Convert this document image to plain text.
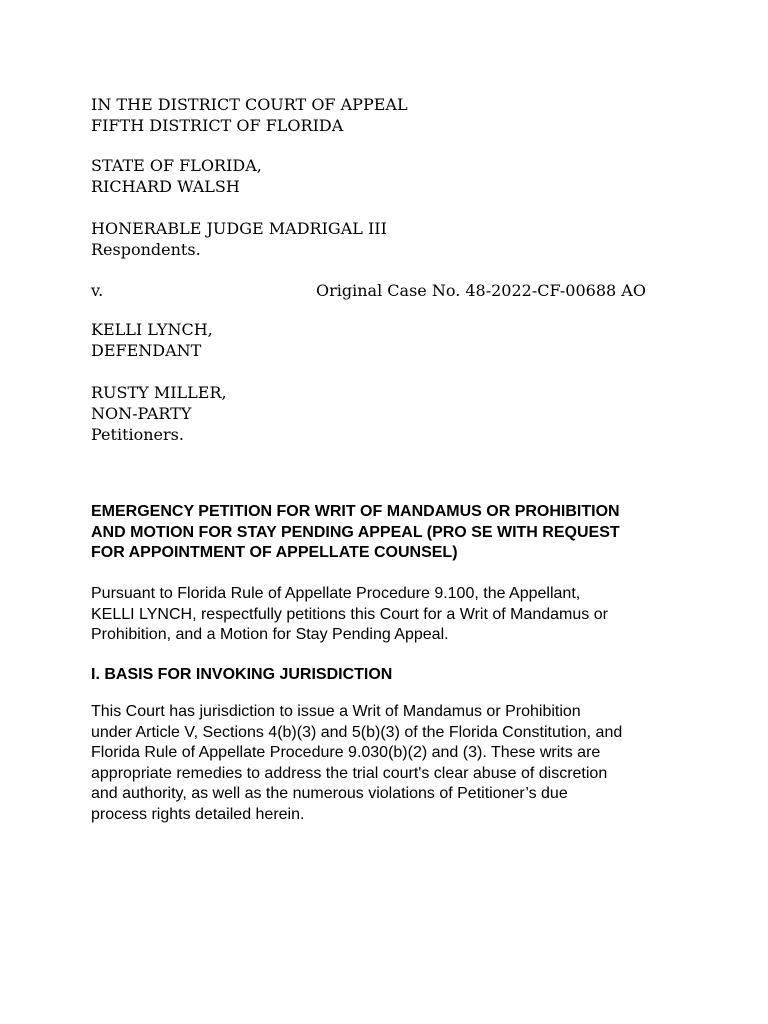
IN THE DISTRICT COURT OF APPEAL
FIFTH DISTRICT OF FLORIDA
STATE OF FLORIDA,
RICHARD WALSH
HONERABLE JUDGE MADRIGAL III
Respondents.
v.	Original Case No. 48-2022-CF-00688 AO
KELLI LYNCH,
DEFENDANT
RUSTY MILLER,
NON-PARTY
Petitioners.
EMERGENCY PETITION FOR WRIT OF MANDAMUS OR PROHIBITION
AND MOTION FOR STAY PENDING APPEAL (PRO SE WITH REQUEST
FOR APPOINTMENT OF APPELLATE COUNSEL)
Pursuant to Florida Rule of Appellate Procedure 9.100, the Appellant,
KELLI LYNCH, respectfully petitions this Court for a Writ of Mandamus or
Prohibition, and a Motion for Stay Pending Appeal.
I. BASIS FOR INVOKING JURISDICTION
This Court has jurisdiction to issue a Writ of Mandamus or Prohibition
under Article V, Sections 4(b)(3) and 5(b)(3) of the Florida Constitution, and
Florida Rule of Appellate Procedure 9.030(b)(2) and (3). These writs are
appropriate remedies to address the trial court's clear abuse of discretion
and authority, as well as the numerous violations of Petitioner’s due
process rights detailed herein.
